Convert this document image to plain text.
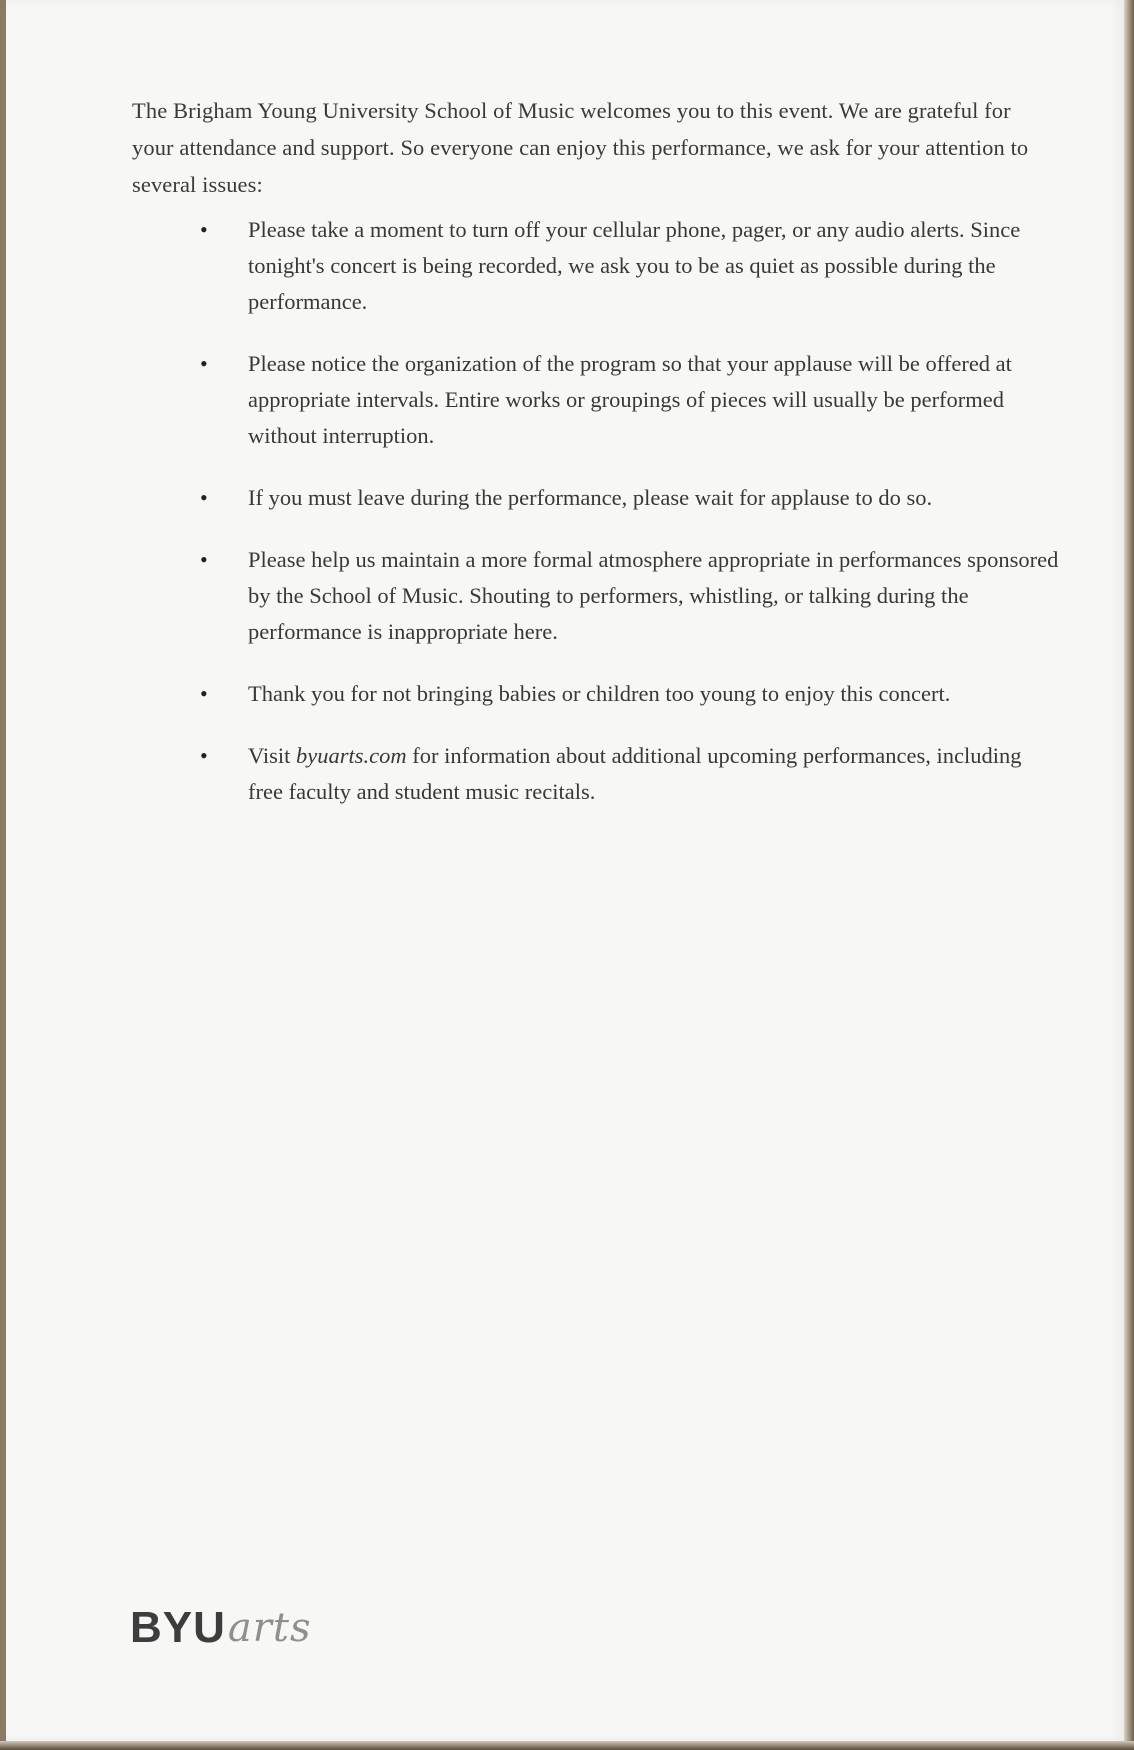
The Brigham Young University School of Music welcomes you to this event. We are grateful for your attendance and support. So everyone can enjoy this performance, we ask for your attention to several issues:

•	Please take a moment to turn off your cellular phone, pager, or any audio alerts. Since tonight's concert is being recorded, we ask you to be as quiet as possible during the performance.
•	Please notice the organization of the program so that your applause will be offered at appropriate intervals. Entire works or groupings of pieces will usually be performed without interruption.
•	If you must leave during the performance, please wait for applause to do so.
•	Please help us maintain a more formal atmosphere appropriate in performances sponsored by the School of Music. Shouting to performers, whistling, or talking during the performance is inappropriate here.
•	Thank you for not bringing babies or children too young to enjoy this concert.
•	Visit byuarts.com for information about additional upcoming performances, including free faculty and student music recitals.
BYU arts
